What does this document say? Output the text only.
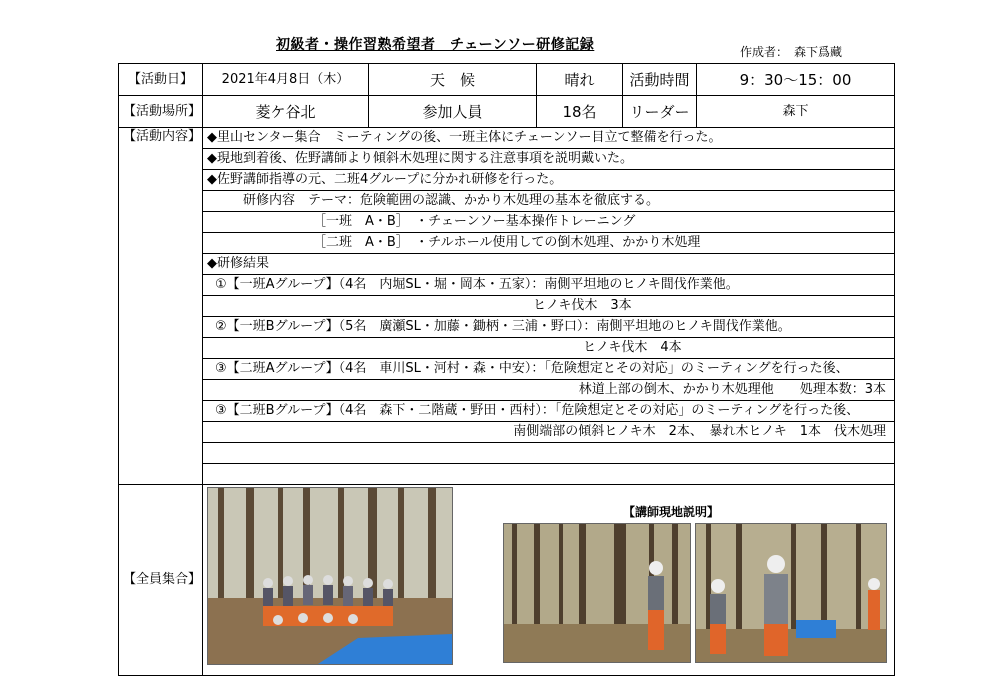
初級者・操作習熟希望者　チェーンソー研修記録	作成者：　森下爲藏
【活動日】	2021年4月8日（木）	天　候	晴れ	活動時間	9：30〜15：00
【活動場所】	菱ケ谷北	参加人員	18名	リーダー	森下
【活動内容】	◆里山センター集合　ミーティングの後、一班主体にチェーンソー目立て整備を行った。				
	◆現地到着後、佐野講師より傾斜木処理に関する注意事項を説明戴いた。				
	◆佐野講師指導の元、二班4グループに分かれ研修を行った。				
	研修内容　テーマ：危険範囲の認識、かかり木処理の基本を徹底する。				
	［一班　A・B］　・チェーンソー基本操作トレーニング				
	［二班　A・B］　・チルホール使用しての倒木処理、かかり木処理				
	◆研修結果				
	①【一班Aグループ】（4名　内堀SL・堀・岡本・五家）：南側平坦地のヒノキ間伐作業他。				
	ヒノキ伐木　3本				
	②【一班Bグループ】（5名　廣瀬SL・加藤・鋤柄・三浦・野口）：南側平坦地のヒノキ間伐作業他。				
	ヒノキ伐木　4本				
	③【二班Aグループ】（4名　車川SL・河村・森・中安）：「危険想定とその対応」のミーティングを行った後、				
	林道上部の倒木、かかり木処理他　　処理本数：3本				
	③【二班Bグループ】（4名　森下・二階蔵・野田・西村）：「危険想定とその対応」のミーティングを行った後、				
	南側端部の傾斜ヒノキ木　2本、　暴れ木ヒノキ　1本　伐木処理				

【全員集合】	【講師現地説明】				
